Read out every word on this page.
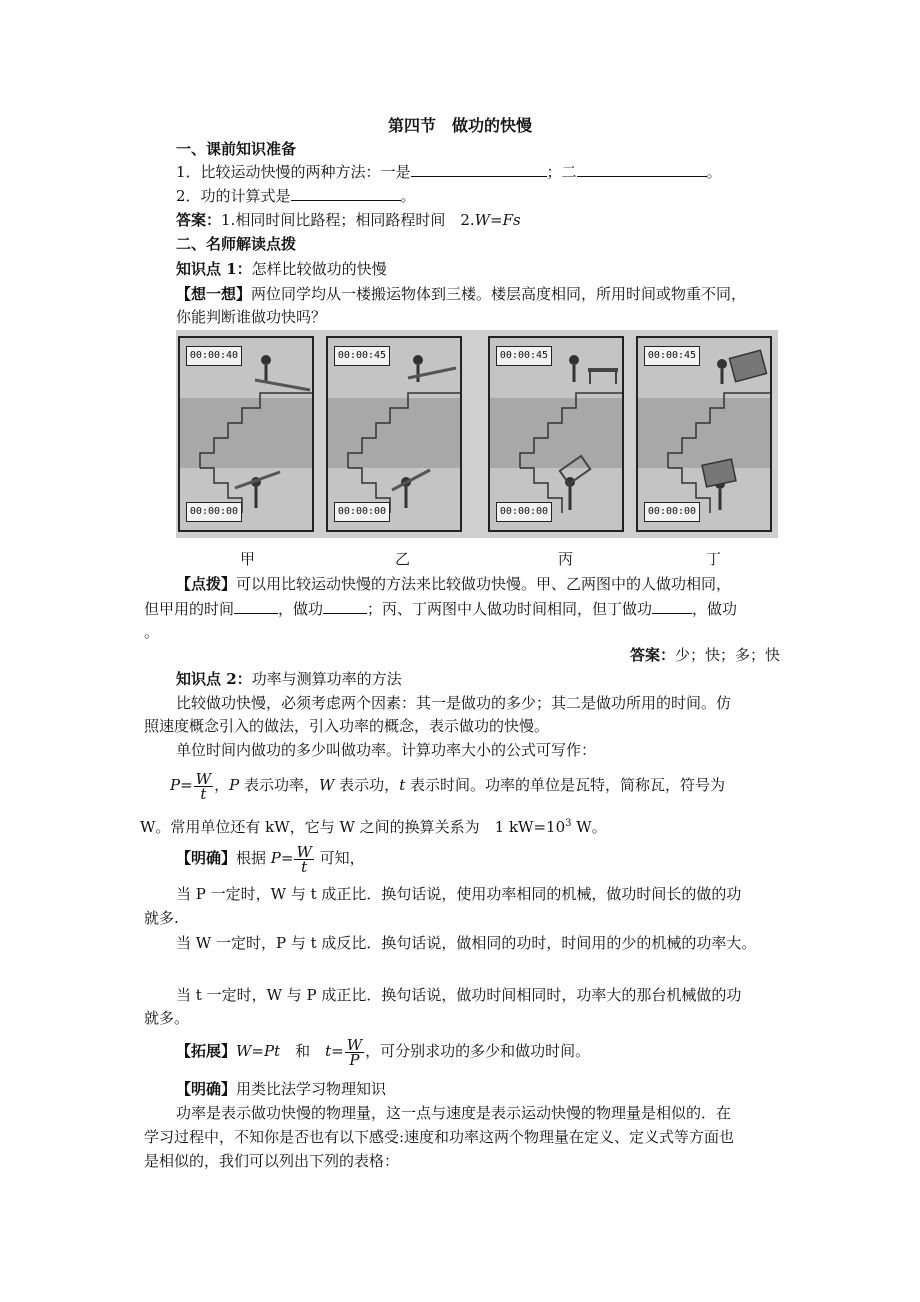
第四节　做功的快慢
一、课前知识准备
1．比较运动快慢的两种方法：一是	；二	。
2．功的计算式是	。
答案：1.相同时间比路程；相同路程时间　2.W=Fs
二、名师解读点拨
知识点 1：怎样比较做功的快慢
【想一想】两位同学均从一楼搬运物体到三楼。楼层高度相同，所用时间或物重不同，
你能判断谁做功快吗？
00:00:40
00:00:00
00:00:45
00:00:00
00:00:45
00:00:00
00:00:45
00:00:00
甲	乙	丙	丁
【点拨】可以用比较运动快慢的方法来比较做功快慢。甲、乙两图中的人做功相同，
但甲用的时间	，做功	；丙、丁两图中人做功时间相同，但丁做功	，做功
。
答案：少；快；多；快
知识点 2：功率与测算功率的方法
比较做功快慢，必须考虑两个因素：其一是做功的多少；其二是做功所用的时间。仿
照速度概念引入的做法，引入功率的概念，表示做功的快慢。
单位时间内做功的多少叫做功率。计算功率大小的公式可写作：
$P= \frac{W}{t}$ ，P 表示功率，W 表示功，t 表示时间。功率的单位是瓦特，简称瓦，符号为
W。常用单位还有 kW，它与 W 之间的换算关系为　1 $kW=10^3$ W。
【明确】根据 $P= \frac{W}{t}$ 可知，
当 P 一定时，W 与 t 成正比．换句话说，使用功率相同的机械，做功时间长的做的功
就多.
当 W 一定时，P 与 t 成反比．换句话说，做相同的功时，时间用的少的机械的功率大。
当 t 一定时，W 与 P 成正比．换句话说，做功时间相同时，功率大的那台机械做的功
就多。
【拓展】W=Pt　和　$t= \frac{W}{P}$ ，可分别求功的多少和做功时间。
【明确】用类比法学习物理知识
功率是表示做功快慢的物理量，这一点与速度是表示运动快慢的物理量是相似的．在
学习过程中，不知你是否也有以下感受:速度和功率这两个物理量在定义、定义式等方面也
是相似的，我们可以列出下列的表格：
